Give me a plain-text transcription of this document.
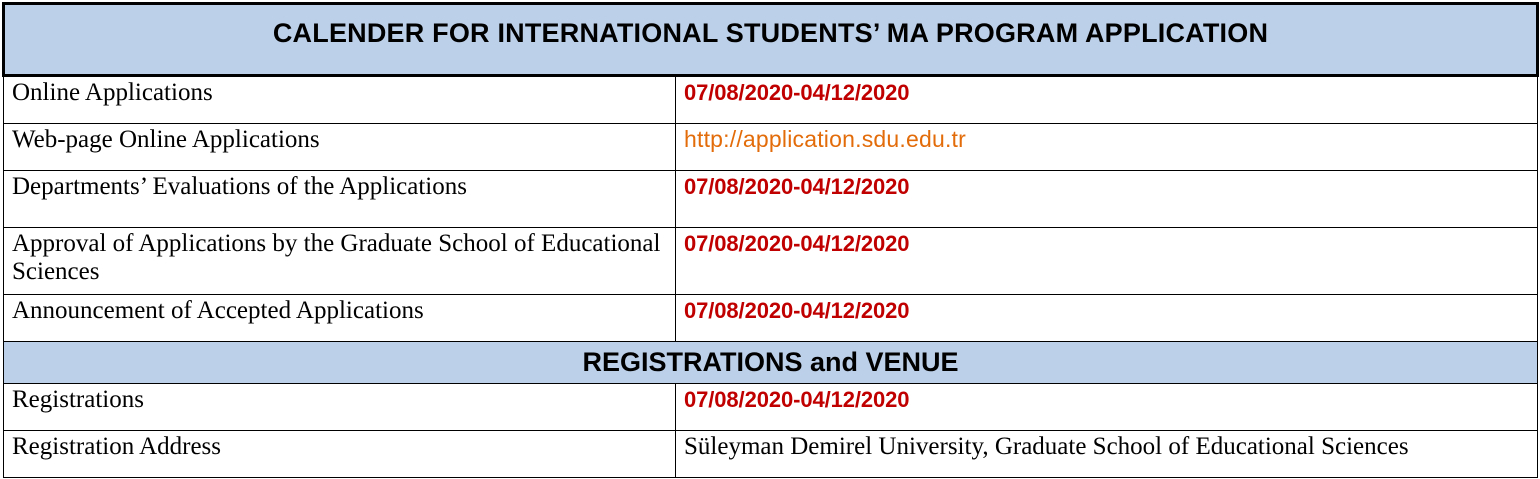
CALENDER FOR INTERNATIONAL STUDENTS’ MA PROGRAM APPLICATION	
Online Applications	07/08/2020-04/12/2020
Web-page Online Applications	http://application.sdu.edu.tr
Departments’ Evaluations of the Applications	07/08/2020-04/12/2020
Approval of Applications by the Graduate School of Educational Sciences	07/08/2020-04/12/2020
Announcement of Accepted Applications	07/08/2020-04/12/2020
REGISTRATIONS and VENUE	
Registrations	07/08/2020-04/12/2020
Registration Address	Süleyman Demirel University, Graduate School of Educational Sciences
